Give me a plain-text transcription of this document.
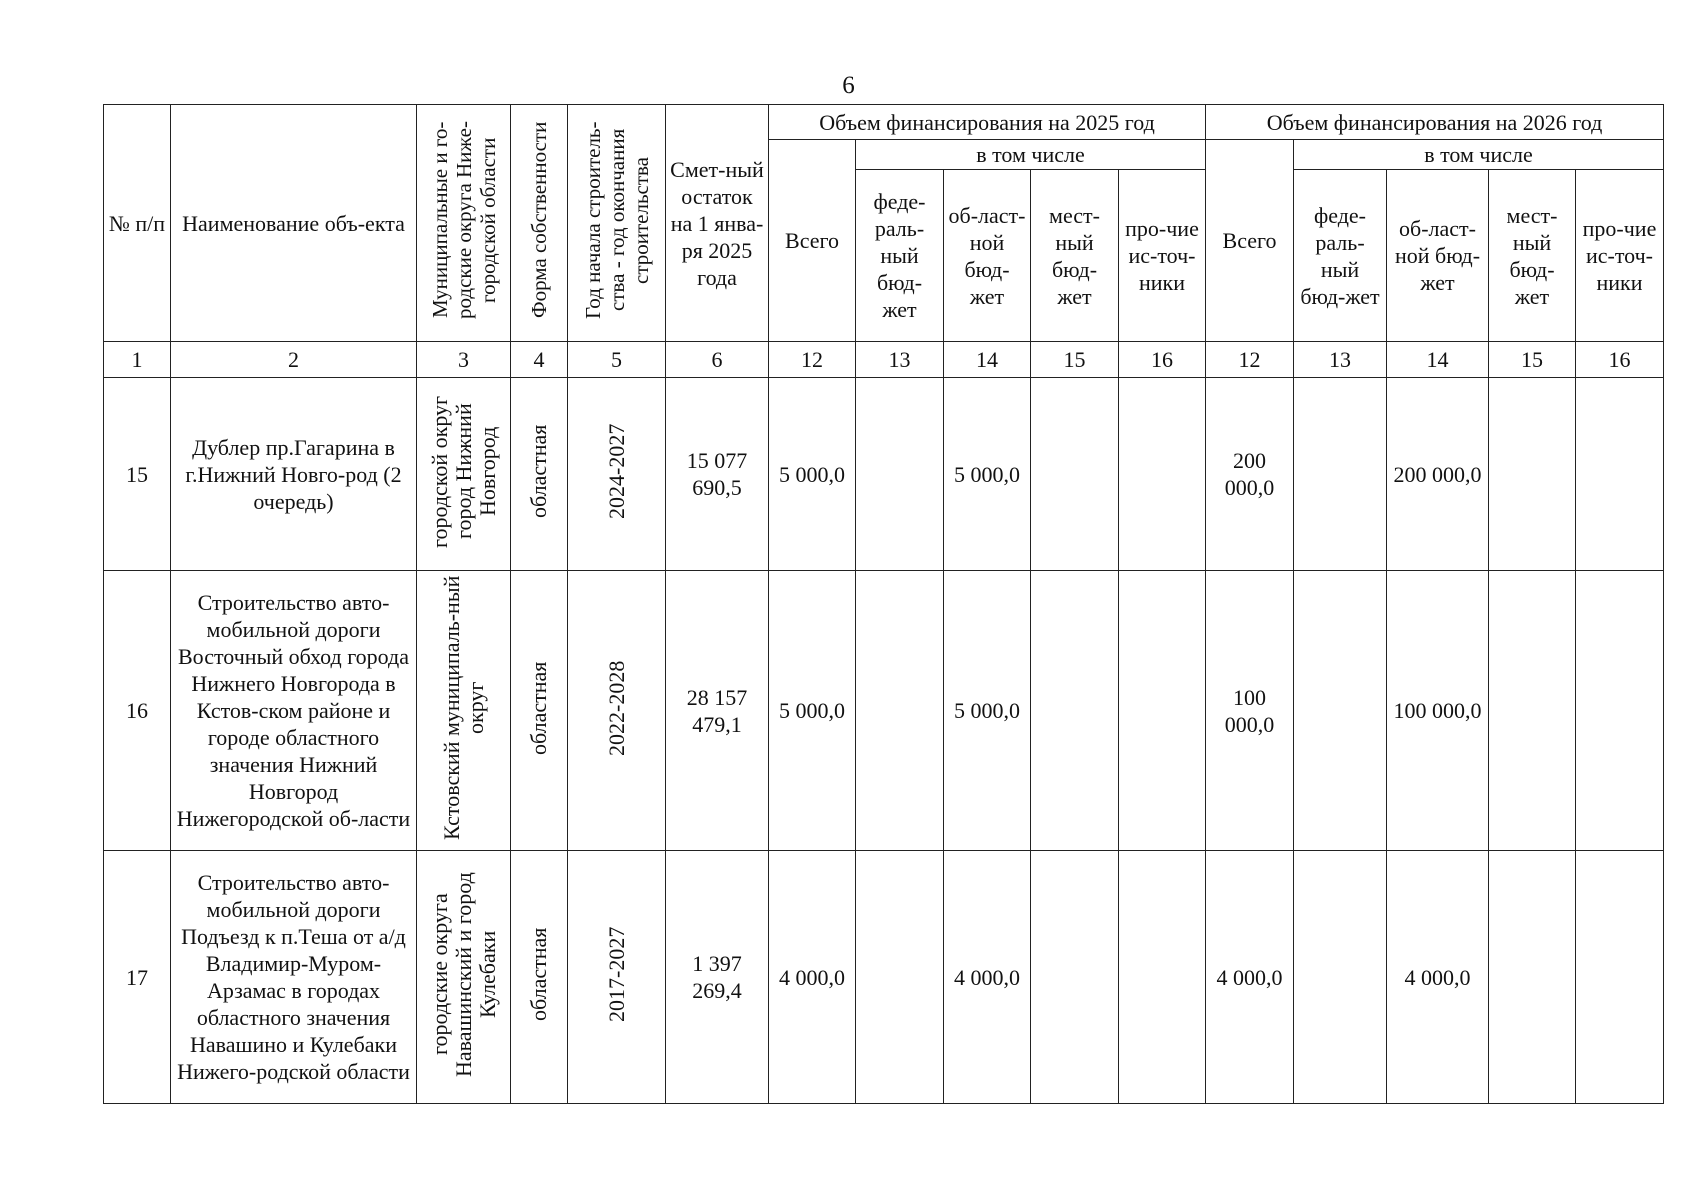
6
№ п/п	Наименование объ-екта	Муниципальные и го-родские округа Ниже-городской области	Форма собственности	Год начала строитель-ства - год окончания строительства	Смет-ный остаток на 1 янва-ря 2025 года	Объем финансирования на 2025 год					Объем финансирования на 2026 год				
						Всего	в том числе				Всего	в том числе			
							феде-раль-ный бюд-жет	об-ласт-ной бюд-жет	мест-ный бюд-жет	про-чие ис-точ-ники		феде-раль-ный бюд-жет	об-ласт-ной бюд-жет	мест-ный бюд-жет	про-чие ис-точ-ники
1	2	3	4	5	6	12	13	14	15	16	12	13	14	15	16
15	Дублер пр.Гагарина в г.Нижний Новго-род (2 очередь)	городской округ город Нижний Новгород	областная	2024-2027	15 077 690,5	5 000,0		5 000,0			200 000,0		200 000,0		
16	Строительство авто-мобильной дороги Восточный обход города Нижнего Новгорода в Кстов-ском районе и городе областного значения Нижний Новгород Нижегородской об-ласти	Кстовский муниципаль-ный округ	областная	2022-2028	28 157 479,1	5 000,0		5 000,0			100 000,0		100 000,0		
17	Строительство авто-мобильной дороги Подъезд к п.Теша от а/д Владимир-Муром-Арзамас в городах областного значения Навашино и Кулебаки Нижего-родской области	городские округа Навашинский и город Кулебаки	областная	2017-2027	1 397 269,4	4 000,0		4 000,0			4 000,0		4 000,0		
